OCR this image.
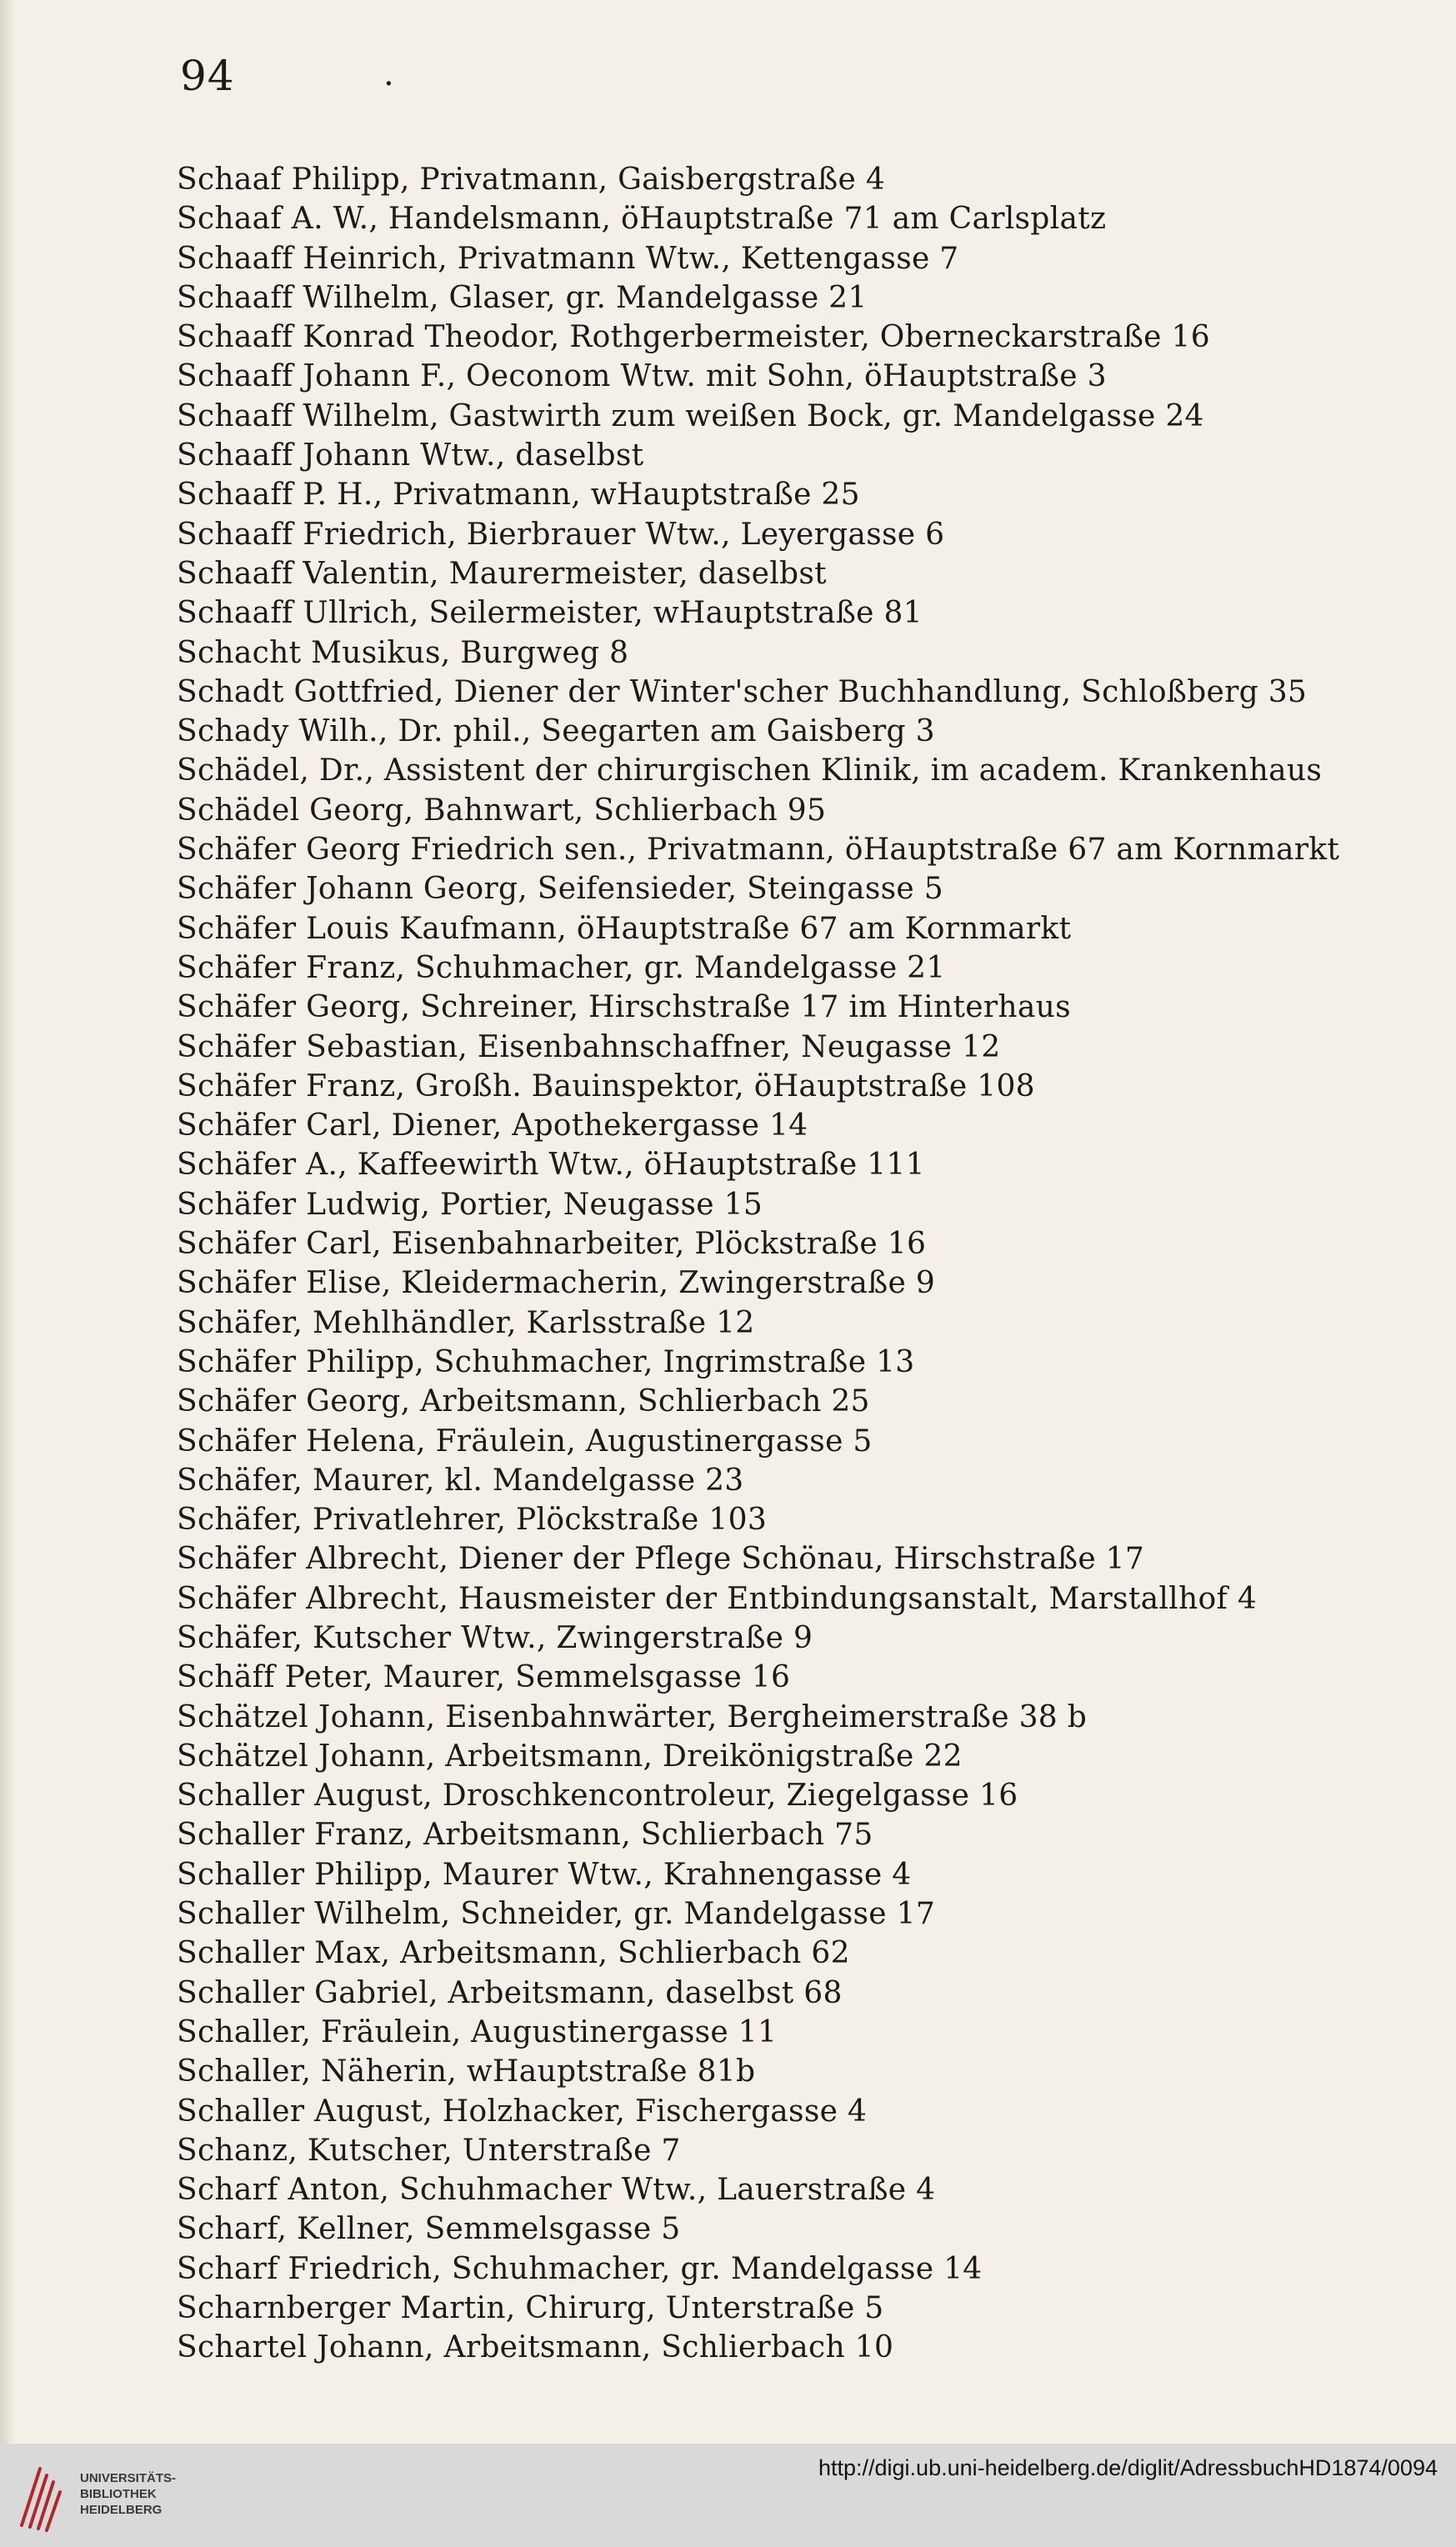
94	.
Schaaf Philipp, Privatmann, Gaisbergstraße 4
Schaaf A. W., Handelsmann, öHauptstraße 71 am Carlsplatz
Schaaff Heinrich, Privatmann Wtw., Kettengasse 7
Schaaff Wilhelm, Glaser, gr. Mandelgasse 21
Schaaff Konrad Theodor, Rothgerbermeister, Oberneckarstraße 16
Schaaff Johann F., Oeconom Wtw. mit Sohn, öHauptstraße 3
Schaaff Wilhelm, Gastwirth zum weißen Bock, gr. Mandelgasse 24
Schaaff Johann Wtw., daselbst
Schaaff P. H., Privatmann, wHauptstraße 25
Schaaff Friedrich, Bierbrauer Wtw., Leyergasse 6
Schaaff Valentin, Maurermeister, daselbst
Schaaff Ullrich, Seilermeister, wHauptstraße 81
Schacht Musikus, Burgweg 8
Schadt Gottfried, Diener der Winter'scher Buchhandlung, Schloßberg 35
Schady Wilh., Dr. phil., Seegarten am Gaisberg 3
Schädel, Dr., Assistent der chirurgischen Klinik, im academ. Krankenhaus
Schädel Georg, Bahnwart, Schlierbach 95
Schäfer Georg Friedrich sen., Privatmann, öHauptstraße 67 am Kornmarkt
Schäfer Johann Georg, Seifensieder, Steingasse 5
Schäfer Louis Kaufmann, öHauptstraße 67 am Kornmarkt
Schäfer Franz, Schuhmacher, gr. Mandelgasse 21
Schäfer Georg, Schreiner, Hirschstraße 17 im Hinterhaus
Schäfer Sebastian, Eisenbahnschaffner, Neugasse 12
Schäfer Franz, Großh. Bauinspektor, öHauptstraße 108
Schäfer Carl, Diener, Apothekergasse 14
Schäfer A., Kaffeewirth Wtw., öHauptstraße 111
Schäfer Ludwig, Portier, Neugasse 15
Schäfer Carl, Eisenbahnarbeiter, Plöckstraße 16
Schäfer Elise, Kleidermacherin, Zwingerstraße 9
Schäfer, Mehlhändler, Karlsstraße 12
Schäfer Philipp, Schuhmacher, Ingrimstraße 13
Schäfer Georg, Arbeitsmann, Schlierbach 25
Schäfer Helena, Fräulein, Augustinergasse 5
Schäfer, Maurer, kl. Mandelgasse 23
Schäfer, Privatlehrer, Plöckstraße 103
Schäfer Albrecht, Diener der Pflege Schönau, Hirschstraße 17
Schäfer Albrecht, Hausmeister der Entbindungsanstalt, Marstallhof 4
Schäfer, Kutscher Wtw., Zwingerstraße 9
Schäff Peter, Maurer, Semmelsgasse 16
Schätzel Johann, Eisenbahnwärter, Bergheimerstraße 38 b
Schätzel Johann, Arbeitsmann, Dreikönigstraße 22
Schaller August, Droschkencontroleur, Ziegelgasse 16
Schaller Franz, Arbeitsmann, Schlierbach 75
Schaller Philipp, Maurer Wtw., Krahnengasse 4
Schaller Wilhelm, Schneider, gr. Mandelgasse 17
Schaller Max, Arbeitsmann, Schlierbach 62
Schaller Gabriel, Arbeitsmann, daselbst 68
Schaller, Fräulein, Augustinergasse 11
Schaller, Näherin, wHauptstraße 81b
Schaller August, Holzhacker, Fischergasse 4
Schanz, Kutscher, Unterstraße 7
Scharf Anton, Schuhmacher Wtw., Lauerstraße 4
Scharf, Kellner, Semmelsgasse 5
Scharf Friedrich, Schuhmacher, gr. Mandelgasse 14
Scharnberger Martin, Chirurg, Unterstraße 5
Schartel Johann, Arbeitsmann, Schlierbach 10
UNIVERSITÄTS-
BIBLIOTHEK
HEIDELBERG
http://digi.ub.uni-heidelberg.de/diglit/AdressbuchHD1874/0094
